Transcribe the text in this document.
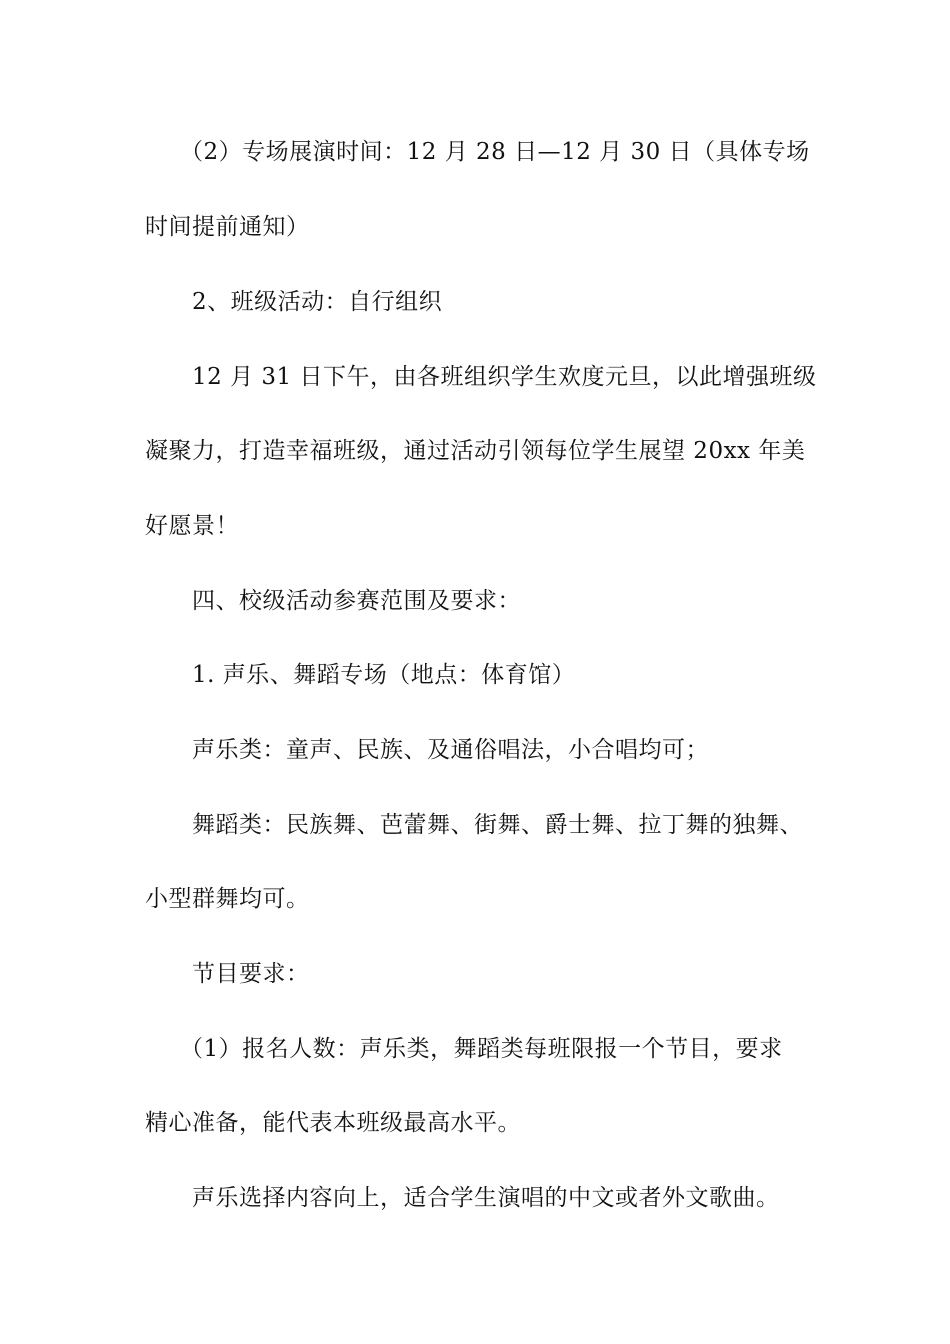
（2）专场展演时间：12 月 28 日—12 月 30 日（具体专场
时间提前通知）
2、班级活动：自行组织
12 月 31 日下午，由各班组织学生欢度元旦，以此增强班级
凝聚力，打造幸福班级，通过活动引领每位学生展望 20xx 年美
好愿景！
四、校级活动参赛范围及要求：
1. 声乐、舞蹈专场（地点：体育馆）
声乐类：童声、民族、及通俗唱法，小合唱均可；
舞蹈类：民族舞、芭蕾舞、街舞、爵士舞、拉丁舞的独舞、
小型群舞均可。
节目要求：
（1）报名人数：声乐类，舞蹈类每班限报一个节目，要求
精心准备，能代表本班级最高水平。
声乐选择内容向上，适合学生演唱的中文或者外文歌曲。
